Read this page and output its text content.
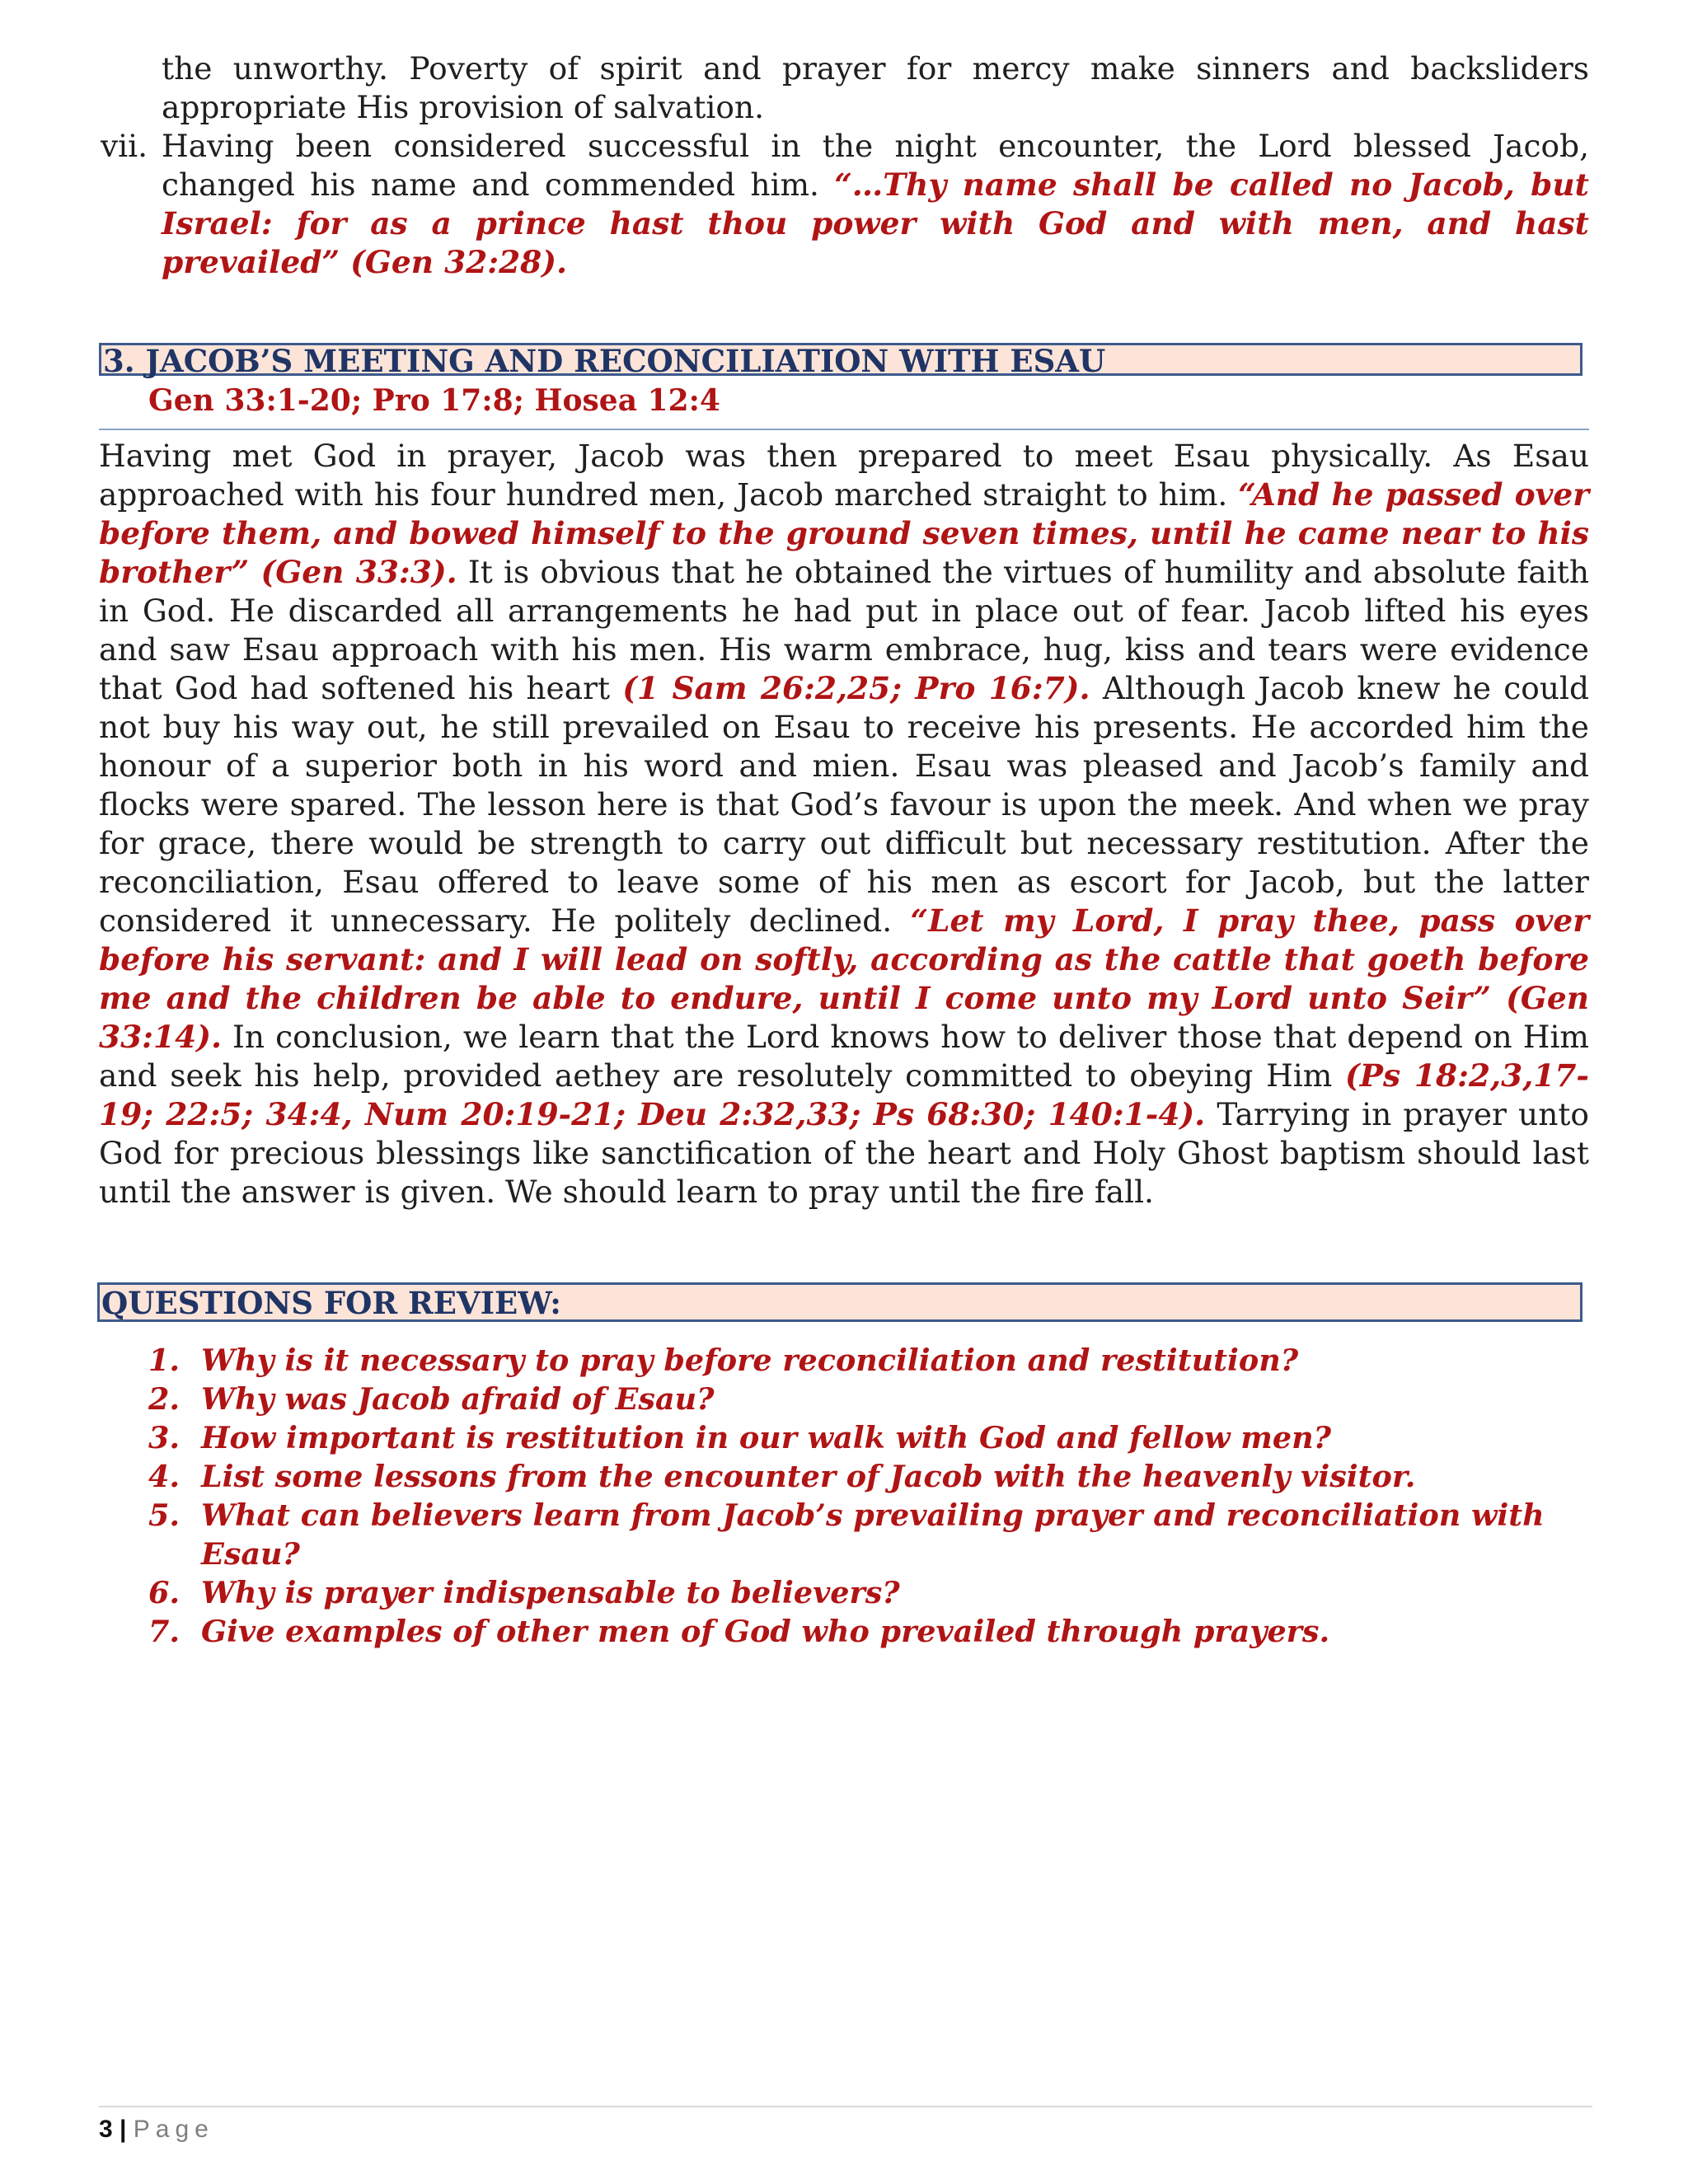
the unworthy. Poverty of spirit and prayer for mercy make sinners and backsliders appropriate His provision of salvation.
vii. Having been considered successful in the night encounter, the Lord blessed Jacob, changed his name and commended him. “…Thy name shall be called no Jacob, but Israel: for as a prince hast thou power with God and with men, and hast prevailed” (Gen 32:28).
3. JACOB’S MEETING AND RECONCILIATION WITH ESAU
Gen 33:1-20; Pro 17:8; Hosea 12:4
Having met God in prayer, Jacob was then prepared to meet Esau physically. As Esau approached with his four hundred men, Jacob marched straight to him. “And he passed over before them, and bowed himself to the ground seven times, until he came near to his brother” (Gen 33:3). It is obvious that he obtained the virtues of humility and absolute faith in God. He discarded all arrangements he had put in place out of fear. Jacob lifted his eyes and saw Esau approach with his men. His warm embrace, hug, kiss and tears were evidence that God had softened his heart (1 Sam 26:2,25; Pro 16:7). Although Jacob knew he could not buy his way out, he still prevailed on Esau to receive his presents. He accorded him the honour of a superior both in his word and mien. Esau was pleased and Jacob’s family and flocks were spared. The lesson here is that God’s favour is upon the meek. And when we pray for grace, there would be strength to carry out difficult but necessary restitution. After the reconciliation, Esau offered to leave some of his men as escort for Jacob, but the latter considered it unnecessary. He politely declined. “Let my Lord, I pray thee, pass over before his servant: and I will lead on softly, according as the cattle that goeth before me and the children be able to endure, until I come unto my Lord unto Seir” (Gen 33:14). In conclusion, we learn that the Lord knows how to deliver those that depend on Him and seek his help, provided aethey are resolutely committed to obeying Him (Ps 18:2,3,17-19; 22:5; 34:4, Num 20:19-21; Deu 2:32,33; Ps 68:30; 140:1-4). Tarrying in prayer unto God for precious blessings like sanctification of the heart and Holy Ghost baptism should last until the answer is given. We should learn to pray until the fire fall.
QUESTIONS FOR REVIEW:
1. Why is it necessary to pray before reconciliation and restitution?
2. Why was Jacob afraid of Esau?
3. How important is restitution in our walk with God and fellow men?
4. List some lessons from the encounter of Jacob with the heavenly visitor.
5. What can believers learn from Jacob’s prevailing prayer and reconciliation with Esau?
6. Why is prayer indispensable to believers?
7. Give examples of other men of God who prevailed through prayers.
3 | Page
